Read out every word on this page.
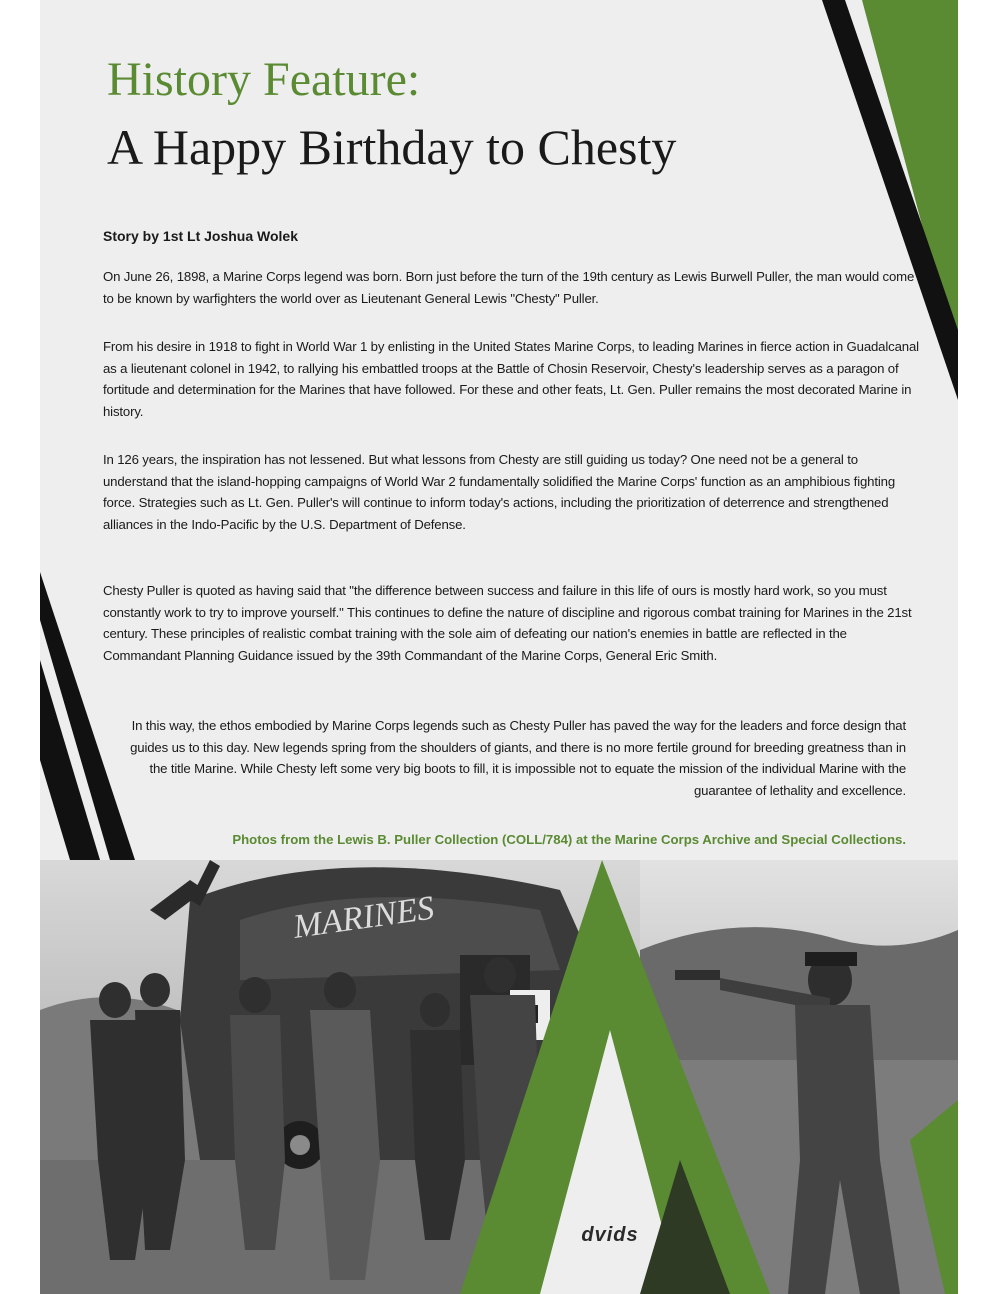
History Feature:
A Happy Birthday to Chesty

Story by 1st Lt Joshua Wolek

On June 26, 1898, a Marine Corps legend was born. Born just before the turn of the 19th century as Lewis Burwell Puller, the man would come to be known by warfighters the world over as Lieutenant General Lewis "Chesty" Puller.

From his desire in 1918 to fight in World War 1 by enlisting in the United States Marine Corps, to leading Marines in fierce action in Guadalcanal as a lieutenant colonel in 1942, to rallying his embattled troops at the Battle of Chosin Reservoir, Chesty's leadership serves as a paragon of fortitude and determination for the Marines that have followed. For these and other feats, Lt. Gen. Puller remains the most decorated Marine in history.

In 126 years, the inspiration has not lessened. But what lessons from Chesty are still guiding us today? One need not be a general to understand that the island-hopping campaigns of World War 2 fundamentally solidified the Marine Corps' function as an amphibious fighting force. Strategies such as Lt. Gen. Puller's will continue to inform today's actions, including the prioritization of deterrence and strengthened alliances in the Indo-Pacific by the U.S. Department of Defense.

Chesty Puller is quoted as having said that "the difference between success and failure in this life of ours is mostly hard work, so you must constantly work to try to improve yourself." This continues to define the nature of discipline and rigorous combat training for Marines in the 21st century. These principles of realistic combat training with the sole aim of defeating our nation's enemies in battle are reflected in the Commandant Planning Guidance issued by the 39th Commandant of the Marine Corps, General Eric Smith.

In this way, the ethos embodied by Marine Corps legends such as Chesty Puller has paved the way for the leaders and force design that guides us to this day. New legends spring from the shoulders of giants, and there is no more fertile ground for breeding greatness than in the title Marine. While Chesty left some very big boots to fill, it is impossible not to equate the mission of the individual Marine with the guarantee of lethality and excellence.

Photos from the Lewis B. Puller Collection (COLL/784) at the Marine Corps Archive and Special Collections.

MARINES
dvids
